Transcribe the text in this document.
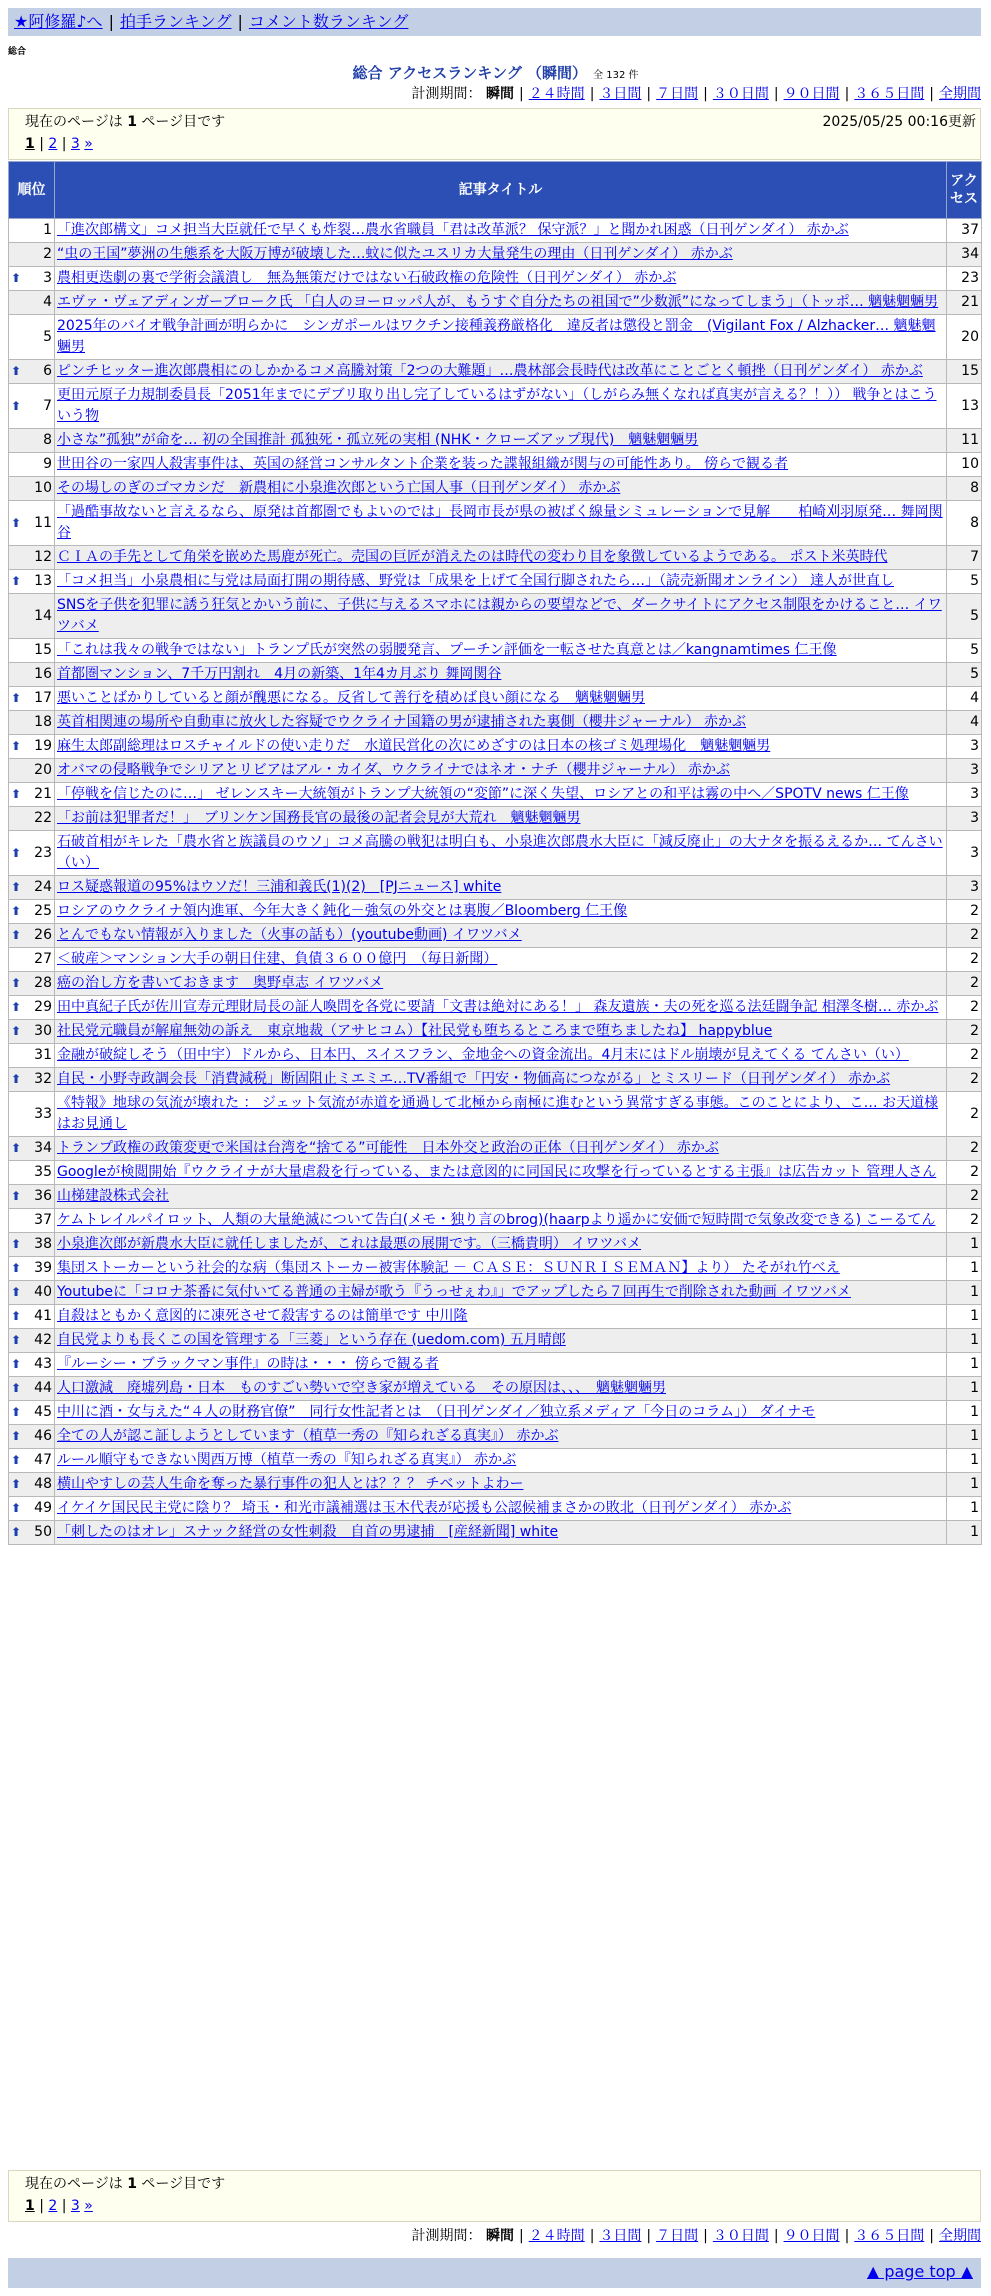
★阿修羅♪へ | 拍手ランキング | コメント数ランキング
総合
総合 アクセスランキング （瞬間） 全 132 件
計測期間： 瞬間 | ２４時間 | ３日間 | ７日間 | ３０日間 | ９０日間 | ３６５日間 | 全期間
現在のページは 1 ページ目です	2025/05/25 00:16更新
1 | 2 | 3 »
順位	記事タイトル	アクセス
1	「進次郎構文」コメ担当大臣就任で早くも炸裂…農水省職員「君は改革派？ 保守派？」と聞かれ困惑（日刊ゲンダイ） 赤かぶ	37
2	“虫の王国”夢洲の生態系を大阪万博が破壊した…蚊に似たユスリカ大量発生の理由（日刊ゲンダイ） 赤かぶ	34

⬆ 3	農相更迭劇の裏で学術会議潰し　無為無策だけではない石破政権の危険性（日刊ゲンダイ） 赤かぶ	23
4	エヴァ・ヴェアディンガーブローク氏 「白人のヨーロッパ人が、もうすぐ自分たちの祖国で”少数派”になってしまう」（トッポ… 魑魅魍魎男	21
5	2025年のバイオ戦争計画が明らかに　シンガポールはワクチン接種義務厳格化　違反者は懲役と罰金　(Vigilant Fox / Alzhacker… 魑魅魍魎男	20

⬆ 6	ピンチヒッター進次郎農相にのしかかるコメ高騰対策「2つの大難題」…農林部会長時代は改革にことごとく頓挫（日刊ゲンダイ） 赤かぶ	15

⬆ 7	更田元原子力規制委員長「2051年までにデブリ取り出し完了しているはずがない」（しがらみ無くなれば真実が言える？！）） 戦争とはこういう物	13
8	小さな”孤独”が命を… 初の全国推計 孤独死・孤立死の実相 (NHK・クローズアップ現代)　魑魅魍魎男	11
9	世田谷の一家四人殺害事件は、英国の経営コンサルタント企業を装った諜報組織が関与の可能性あり。 傍らで観る者	10
10	その場しのぎのゴマカシだ　新農相に小泉進次郎という亡国人事（日刊ゲンダイ） 赤かぶ	8

⬆ 11	「過酷事故ないと言えるなら、原発は首都圏でもよいのでは」長岡市長が県の被ばく線量シミュレーションで見解　　柏崎刈羽原発… 舞岡関谷	8
12	ＣＩＡの手先として角栄を嵌めた馬鹿が死亡。売国の巨匠が消えたのは時代の変わり目を象徴しているようである。 ポスト米英時代	7

⬆ 13	「コメ担当」小泉農相に与党は局面打開の期待感、野党は「成果を上げて全国行脚されたら…」（読売新聞オンライン） 達人が世直し	5
14	SNSを子供を犯罪に誘う狂気とかいう前に、子供に与えるスマホには親からの要望などで、ダークサイトにアクセス制限をかけること… イワツバメ	5
15	「これは我々の戦争ではない」トランプ氏が突然の弱腰発言、プーチン評価を一転させた真意とは／kangnamtimes 仁王像	5
16	首都圏マンション、7千万円割れ　4月の新築、1年4カ月ぶり 舞岡関谷	5

⬆ 17	悪いことばかりしていると顔が醜悪になる。反省して善行を積めば良い顔になる　魑魅魍魎男	4
18	英首相関連の場所や自動車に放火した容疑でウクライナ国籍の男が逮捕された裏側（櫻井ジャーナル） 赤かぶ	4

⬆ 19	麻生太郎副総理はロスチャイルドの使い走りだ　水道民営化の次にめざすのは日本の核ゴミ処理場化　魑魅魍魎男	3
20	オバマの侵略戦争でシリアとリビアはアル・カイダ、ウクライナではネオ・ナチ（櫻井ジャーナル） 赤かぶ	3

⬆ 21	「停戦を信じたのに…」 ゼレンスキー大統領がトランプ大統領の“変節”に深く失望、ロシアとの和平は霧の中へ／SPOTV news 仁王像	3
22	「お前は犯罪者だ！」　ブリンケン国務長官の最後の記者会見が大荒れ　魑魅魍魎男	3

⬆ 23	石破首相がキレた「農水省と族議員のウソ」コメ高騰の戦犯は明白も、小泉進次郎農水大臣に「減反廃止」の大ナタを振るえるか… てんさい（い）	3

⬆ 24	ロス疑惑報道の95%はウソだ！三浦和義氏(1)(2)　[PJニュース] white	3

⬆ 25	ロシアのウクライナ領内進軍、今年大きく鈍化－強気の外交とは裏腹／Bloomberg 仁王像	2

⬆ 26	とんでもない情報が入りました（火事の話も）(youtube動画) イワツバメ	2
27	＜破産＞マンション大手の朝日住建、負債３６００億円　（毎日新聞）	2

⬆ 28	癌の治し方を書いておきます　奥野卓志 イワツバメ	2

⬆ 29	田中真紀子氏が佐川宣寿元理財局長の証人喚問を各党に要請「文書は絶対にある！」 森友遺族・夫の死を巡る法廷闘争記 相澤冬樹… 赤かぶ	2

⬆ 30	社民党元職員が解雇無効の訴え　東京地裁（アサヒコム）【社民党も堕ちるところまで堕ちましたね】 happyblue	2
31	金融が破綻しそう（田中宇）ドルから、日本円、スイスフラン、金地金への資金流出。4月末にはドル崩壊が見えてくる てんさい（い）	2

⬆ 32	自民・小野寺政調会長「消費減税」断固阻止ミエミエ…TV番組で「円安・物価高につながる」とミスリード（日刊ゲンダイ） 赤かぶ	2
33	《特報》地球の気流が壊れた ： ジェット気流が赤道を通過して北極から南極に進むという異常すぎる事態。このことにより、こ… お天道様はお見通し	2

⬆ 34	トランプ政権の政策変更で米国は台湾を“捨てる”可能性　日本外交と政治の正体（日刊ゲンダイ） 赤かぶ	2
35	Googleが検閲開始『ウクライナが大量虐殺を行っている、または意図的に同国民に攻撃を行っているとする主張』は広告カット 管理人さん	2

⬆ 36	山梯建設株式会社	2
37	ケムトレイルパイロット、人類の大量絶滅について告白(メモ・独り言のbrog)(haarpより遥かに安価で短時間で気象改変できる) こーるてん	2

⬆ 38	小泉進次郎が新農水大臣に就任しましたが、これは最悪の展開です。（三橋貴明） イワツバメ	1

⬆ 39	集団ストーカーという社会的な病（集団ストーカー被害体験記 － ＣＡＳＥ：ＳＵＮＲＩＳＥＭＡＮ】より） たそがれ竹べえ	1

⬆ 40	Youtubeに「コロナ茶番に気付いてる普通の主婦が歌う『うっせぇわ』」でアップしたら７回再生で削除された動画 イワツバメ	1

⬆ 41	自殺はともかく意図的に凍死させて殺害するのは簡単です 中川隆	1

⬆ 42	自民党よりも長くこの国を管理する「三菱」という存在 (uedom.com) 五月晴郎	1

⬆ 43	『ルーシー・ブラックマン事件』の時は・・・ 傍らで観る者	1

⬆ 44	人口激減　廃墟列島・日本　ものすごい勢いで空き家が増えている　その原因は、、、　魑魅魍魎男	1

⬆ 45	中川に酒・女与えた“４人の財務官僚”　同行女性記者とは　（日刊ゲンダイ／独立系メディア「今日のコラム」） ダイナモ	1

⬆ 46	全ての人が認こ証しようとしています（植草一秀の『知られざる真実』） 赤かぶ	1

⬆ 47	ルール順守もできない関西万博（植草一秀の『知られざる真実』） 赤かぶ	1

⬆ 48	横山やすしの芸人生命を奪った暴行事件の犯人とは？？？ チベットよわー	1

⬆ 49	イケイケ国民民主党に陰り？ 埼玉・和光市議補選は玉木代表が応援も公認候補まさかの敗北（日刊ゲンダイ） 赤かぶ	1

⬆ 50	「刺したのはオレ」スナック経営の女性刺殺　自首の男逮捕　[産経新聞] white	1
計測期間： 瞬間 | ２４時間 | ３日間 | ７日間 | ３０日間 | ９０日間 | ３６５日間 | 全期間
現在のページは 1 ページ目です
1 | 2 | 3 »
▲ page top ▲
